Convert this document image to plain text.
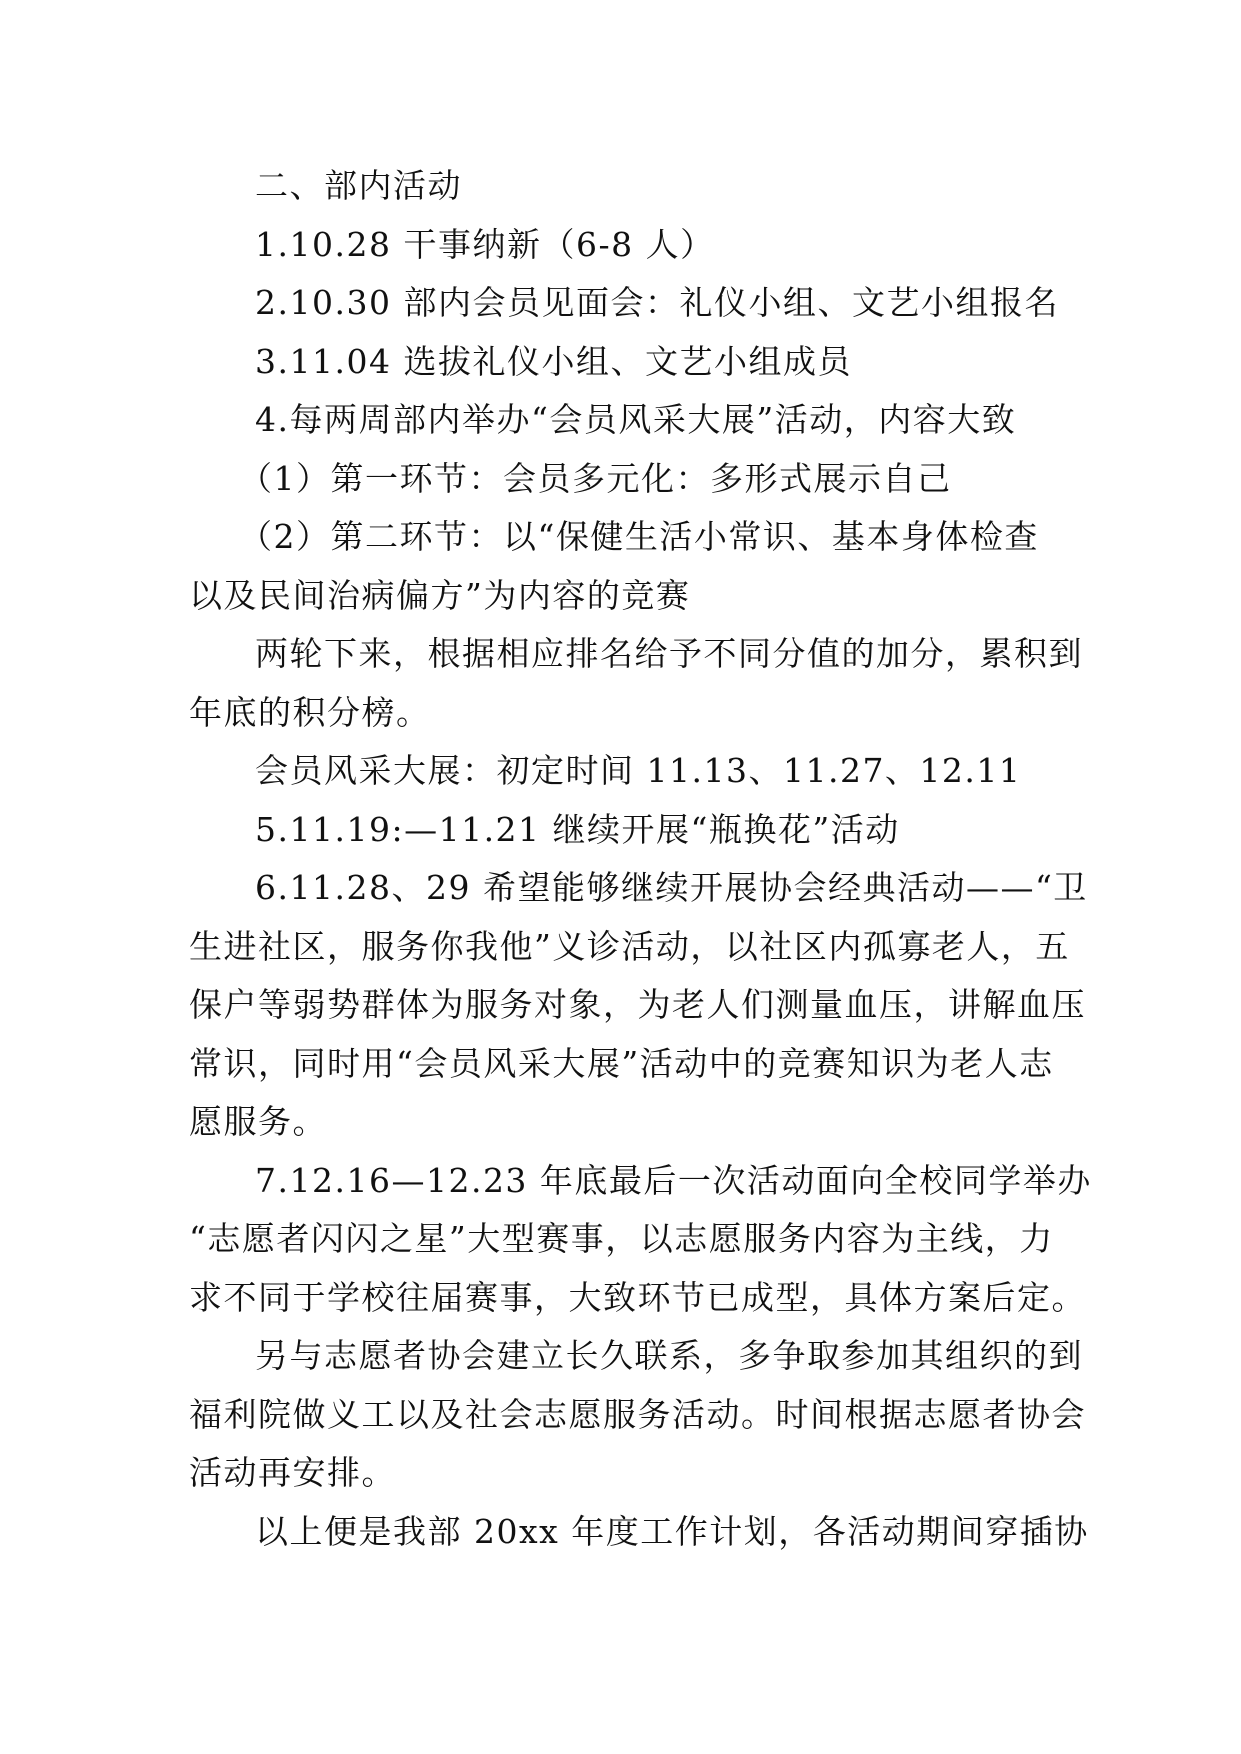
二、部内活动
1.10.28 干事纳新（6-8 人）
2.10.30 部内会员见面会：礼仪小组、文艺小组报名
3.11.04 选拔礼仪小组、文艺小组成员
4.每两周部内举办“会员风采大展”活动，内容大致
（1）第一环节：会员多元化：多形式展示自己
（2）第二环节：以“保健生活小常识、基本身体检查
以及民间治病偏方”为内容的竞赛
两轮下来，根据相应排名给予不同分值的加分，累积到
年底的积分榜。
会员风采大展：初定时间 11.13、11.27、12.11
5.11.19:—11.21 继续开展“瓶换花”活动
6.11.28、29 希望能够继续开展协会经典活动——“卫
生进社区，服务你我他”义诊活动，以社区内孤寡老人，五
保户等弱势群体为服务对象，为老人们测量血压，讲解血压
常识，同时用“会员风采大展”活动中的竞赛知识为老人志
愿服务。
7.12.16—12.23 年底最后一次活动面向全校同学举办
“志愿者闪闪之星”大型赛事，以志愿服务内容为主线，力
求不同于学校往届赛事，大致环节已成型，具体方案后定。
另与志愿者协会建立长久联系，多争取参加其组织的到
福利院做义工以及社会志愿服务活动。时间根据志愿者协会
活动再安排。
以上便是我部 20xx 年度工作计划，各活动期间穿插协
